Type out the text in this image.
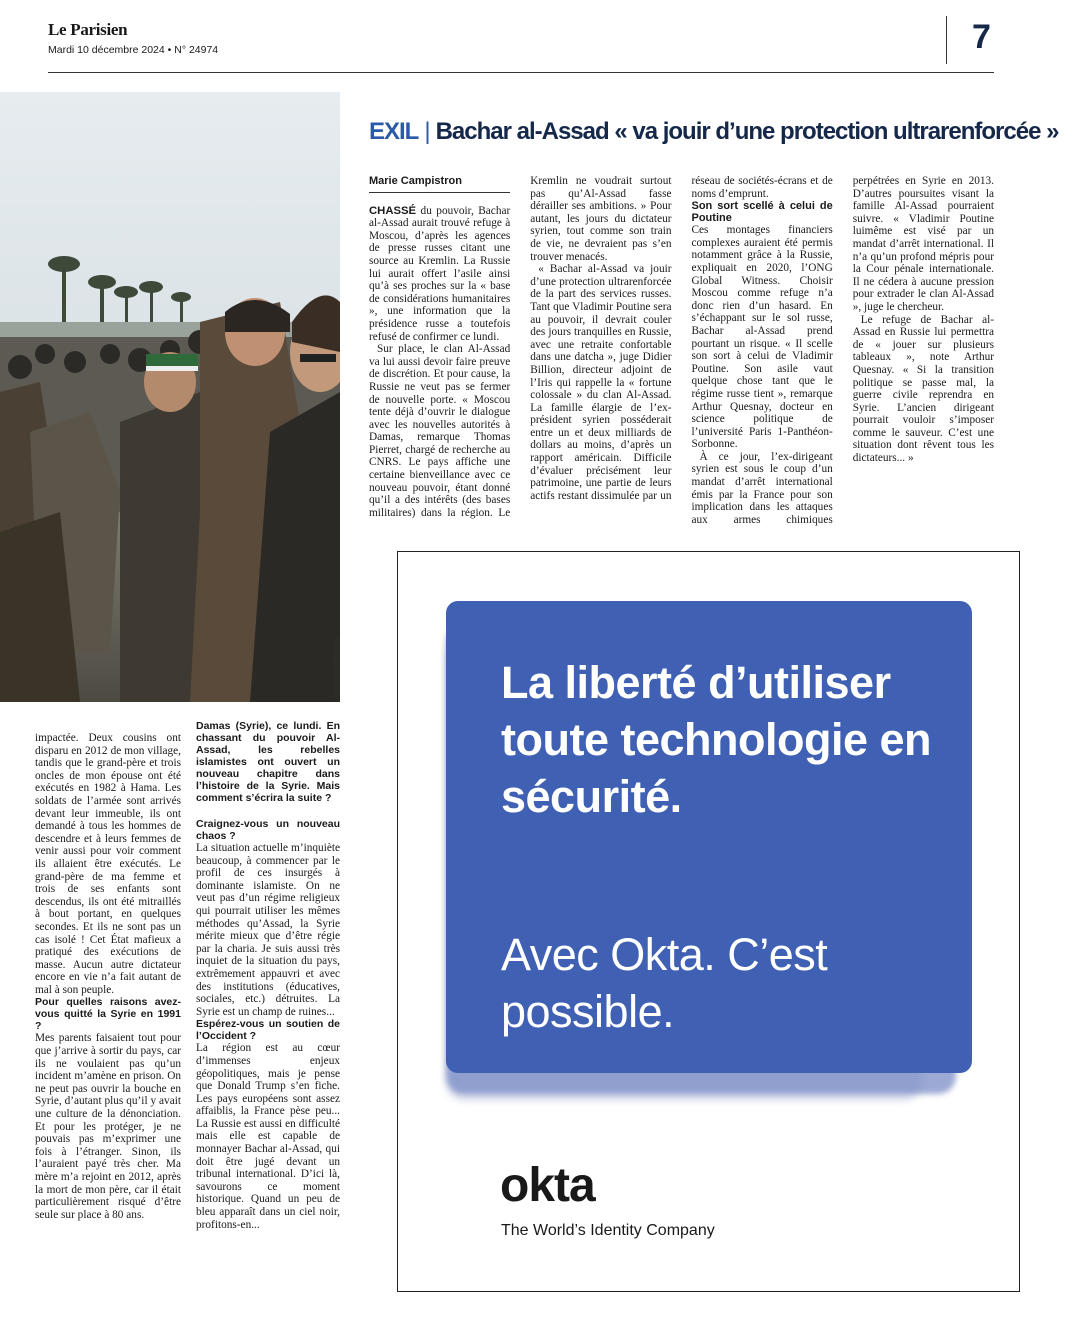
Le Parisien
Mardi 10 décembre 2024 • N° 24974	7
AFP/LOUAI BESHARA
EXIL | Bachar al-Assad « va jouir d’une protection ultrarenforcée »
Marie Campistron

CHASSÉ du pouvoir, Bachar al-Assad aurait trouvé refuge à Moscou, d’après les agences de presse russes citant une source au Kremlin. La Russie lui aurait offert l’asile ainsi qu’à ses proches sur la « base de considérations humanitaires », une information que la présidence russe a toutefois refusé de confirmer ce lundi.

Sur place, le clan Al-Assad va lui aussi devoir faire preuve de discrétion. Et pour cause, la Russie ne veut pas se fermer de nouvelle porte. « Moscou tente déjà d’ouvrir le dialogue avec les nouvelles autorités à Damas, remarque Thomas Pierret, chargé de recherche au CNRS. Le pays affiche une certaine bienveillance avec ce nouveau pouvoir, étant donné qu’il a des intérêts (des bases militaires) dans la région. Le Kremlin ne voudrait surtout pas qu’Al-Assad fasse dérailler ses ambitions. » Pour autant, les jours du dictateur syrien, tout comme son train de vie, ne devraient pas s’en trouver menacés.

« Bachar al-Assad va jouir d’une protection ultrarenforcée de la part des services russes. Tant que Vladimir Poutine sera au pouvoir, il devrait couler des jours tranquilles en Russie, avec une retraite confortable dans une datcha », juge Didier Billion, directeur adjoint de l’Iris qui rappelle la « fortune colossale » du clan Al-Assad. La famille élargie de l’ex-président syrien posséderait entre un et deux milliards de dollars au moins, d’après un rapport américain. Difficile d’évaluer précisément leur patrimoine, une partie de leurs actifs restant dissimulée par un réseau de sociétés-écrans et de noms d’emprunt.

Son sort scellé à celui de Poutine

Ces montages financiers complexes auraient été permis notamment grâce à la Russie, expliquait en 2020, l’ONG Global Witness. Choisir Moscou comme refuge n’a donc rien d’un hasard. En s’échappant sur le sol russe, Bachar al-Assad prend pourtant un risque. « Il scelle son sort à celui de Vladimir Poutine. Son asile vaut quelque chose tant que le régime russe tient », remarque Arthur Quesnay, docteur en science politique de l’université Paris 1-Panthéon-Sorbonne.

À ce jour, l’ex-dirigeant syrien est sous le coup d’un mandat d’arrêt international émis par la France pour son implication dans les attaques aux armes chimiques perpétrées en Syrie en 2013. D’autres poursuites visant la famille Al-Assad pourraient suivre. « Vladimir Poutine luimême est visé par un mandat d’arrêt international. Il n’a qu’un profond mépris pour la Cour pénale internationale. Il ne cédera à aucune pression pour extrader le clan Al-Assad », juge le chercheur.

Le refuge de Bachar al-Assad en Russie lui permettra de « jouer sur plusieurs tableaux », note Arthur Quesnay. « Si la transition politique se passe mal, la guerre civile reprendra en Syrie. L’ancien dirigeant pourrait vouloir s’imposer comme le sauveur. C’est une situation dont rêvent tous les dictateurs... »

impactée. Deux cousins ont disparu en 2012 de mon village, tandis que le grand-père et trois oncles de mon épouse ont été exécutés en 1982 à Hama. Les soldats de l’armée sont arrivés devant leur immeuble, ils ont demandé à tous les hommes de descendre et à leurs femmes de venir aussi pour voir comment ils allaient être exécutés. Le grand-père de ma femme et trois de ses enfants sont descendus, ils ont été mitraillés à bout portant, en quelques secondes. Et ils ne sont pas un cas isolé ! Cet État mafieux a pratiqué des exécutions de masse. Aucun autre dictateur encore en vie n’a fait autant de mal à son peuple.

Pour quelles raisons avez-vous quitté la Syrie en 1991 ?

Mes parents faisaient tout pour que j’arrive à sortir du pays, car ils ne voulaient pas qu’un incident m’amène en prison. On ne peut pas ouvrir la bouche en Syrie, d’autant plus qu’il y avait une culture de la dénonciation. Et pour les protéger, je ne pouvais pas m’exprimer une fois à l’étranger. Sinon, ils l’auraient payé très cher. Ma mère m’a rejoint en 2012, après la mort de mon père, car il était particulièrement risqué d’être seule sur place à 80 ans.

Damas (Syrie), ce lundi. En chassant du pouvoir Al-Assad, les rebelles islamistes ont ouvert un nouveau chapitre dans l’histoire de la Syrie. Mais comment s’écrira la suite ?

Craignez-vous un nouveau chaos ?

La situation actuelle m’inquiète beaucoup, à commencer par le profil de ces insurgés à dominante islamiste. On ne veut pas d’un régime religieux qui pourrait utiliser les mêmes méthodes qu’Assad, la Syrie mérite mieux que d’être régie par la charia. Je suis aussi très inquiet de la situation du pays, extrêmement appauvri et avec des institutions (éducatives, sociales, etc.) détruites. La Syrie est un champ de ruines...

Espérez-vous un soutien de l’Occident ?

La région est au cœur d’immenses enjeux géopolitiques, mais je pense que Donald Trump s’en fiche. Les pays européens sont assez affaiblis, la France pèse peu... La Russie est aussi en difficulté mais elle est capable de monnayer Bachar al-Assad, qui doit être jugé devant un tribunal international. D’ici là, savourons ce moment historique. Quand un peu de bleu apparaît dans un ciel noir, profitons-en...

La liberté d’utiliser toute technologie en sécurité.
Avec Okta. C’est possible.
okta
The World’s Identity Company
